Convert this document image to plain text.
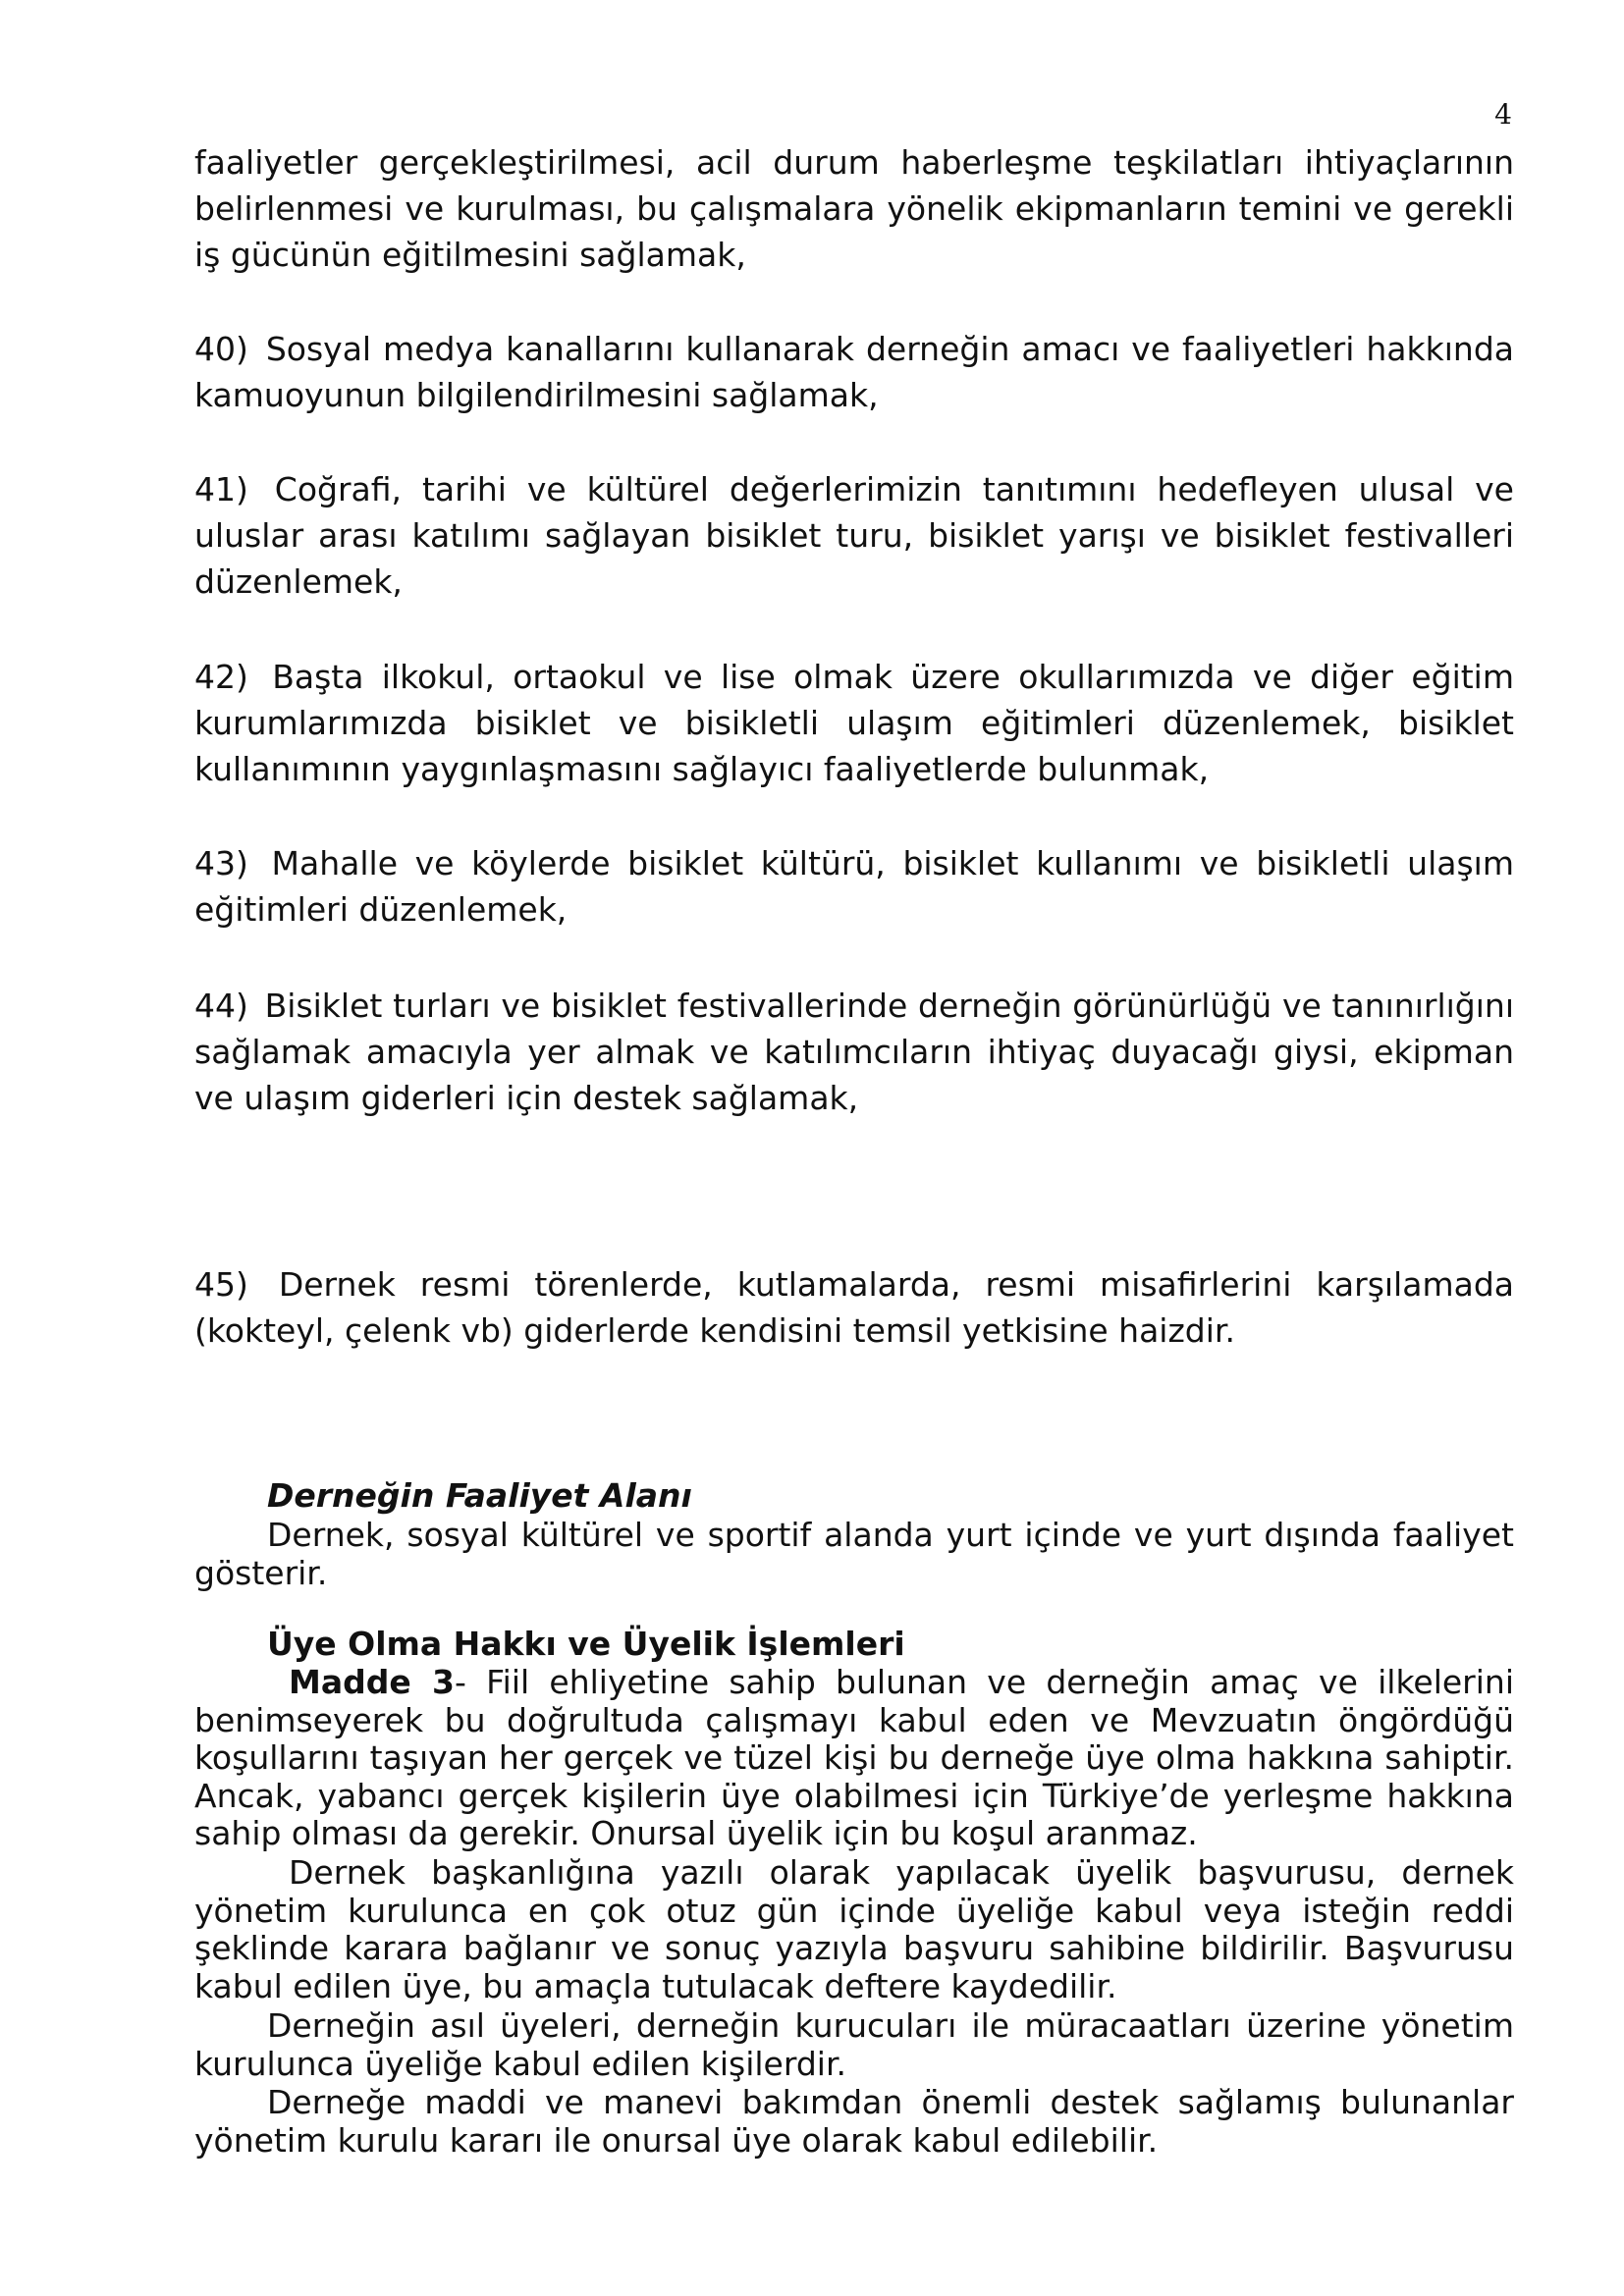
4

faaliyetler gerçekleştirilmesi, acil durum haberleşme teşkilatları ihtiyaçlarının belirlenmesi ve kurulması, bu çalışmalara yönelik ekipmanların temini ve gerekli iş gücünün eğitilmesini sağlamak,

40) Sosyal medya kanallarını kullanarak derneğin amacı ve faaliyetleri hakkında kamuoyunun bilgilendirilmesini sağlamak,

41) Coğrafi, tarihi ve kültürel değerlerimizin tanıtımını hedefleyen ulusal ve uluslar arası katılımı sağlayan bisiklet turu, bisiklet yarışı ve bisiklet festivalleri düzenlemek,

42) Başta ilkokul, ortaokul ve lise olmak üzere okullarımızda ve diğer eğitim kurumlarımızda bisiklet ve bisikletli ulaşım eğitimleri düzenlemek, bisiklet kullanımının yaygınlaşmasını sağlayıcı faaliyetlerde bulunmak,

43) Mahalle ve köylerde bisiklet kültürü, bisiklet kullanımı ve bisikletli ulaşım eğitimleri düzenlemek,

44) Bisiklet turları ve bisiklet festivallerinde derneğin görünürlüğü ve tanınırlığını sağlamak amacıyla yer almak ve katılımcıların ihtiyaç duyacağı giysi, ekipman ve ulaşım giderleri için destek sağlamak,

45) Dernek resmi törenlerde, kutlamalarda, resmi misafirlerini karşılamada (kokteyl, çelenk vb) giderlerde kendisini temsil yetkisine haizdir.

Derneğin Faaliyet Alanı

Dernek, sosyal kültürel ve sportif alanda yurt içinde ve yurt dışında faaliyet gösterir.

Üye Olma Hakkı ve Üyelik İşlemleri

Madde 3- Fiil ehliyetine sahip bulunan ve derneğin amaç ve ilkelerini benimseyerek bu doğrultuda çalışmayı kabul eden ve Mevzuatın öngördüğü koşullarını taşıyan her gerçek ve tüzel kişi bu derneğe üye olma hakkına sahiptir. Ancak, yabancı gerçek kişilerin üye olabilmesi için Türkiye’de yerleşme hakkına sahip olması da gerekir. Onursal üyelik için bu koşul aranmaz.

Dernek başkanlığına yazılı olarak yapılacak üyelik başvurusu, dernek yönetim kurulunca en çok otuz gün içinde üyeliğe kabul veya isteğin reddi şeklinde karara bağlanır ve sonuç yazıyla başvuru sahibine bildirilir. Başvurusu kabul edilen üye, bu amaçla tutulacak deftere kaydedilir.

Derneğin asıl üyeleri, derneğin kurucuları ile müracaatları üzerine yönetim kurulunca üyeliğe kabul edilen kişilerdir.

Derneğe maddi ve manevi bakımdan önemli destek sağlamış bulunanlar yönetim kurulu kararı ile onursal üye olarak kabul edilebilir.
